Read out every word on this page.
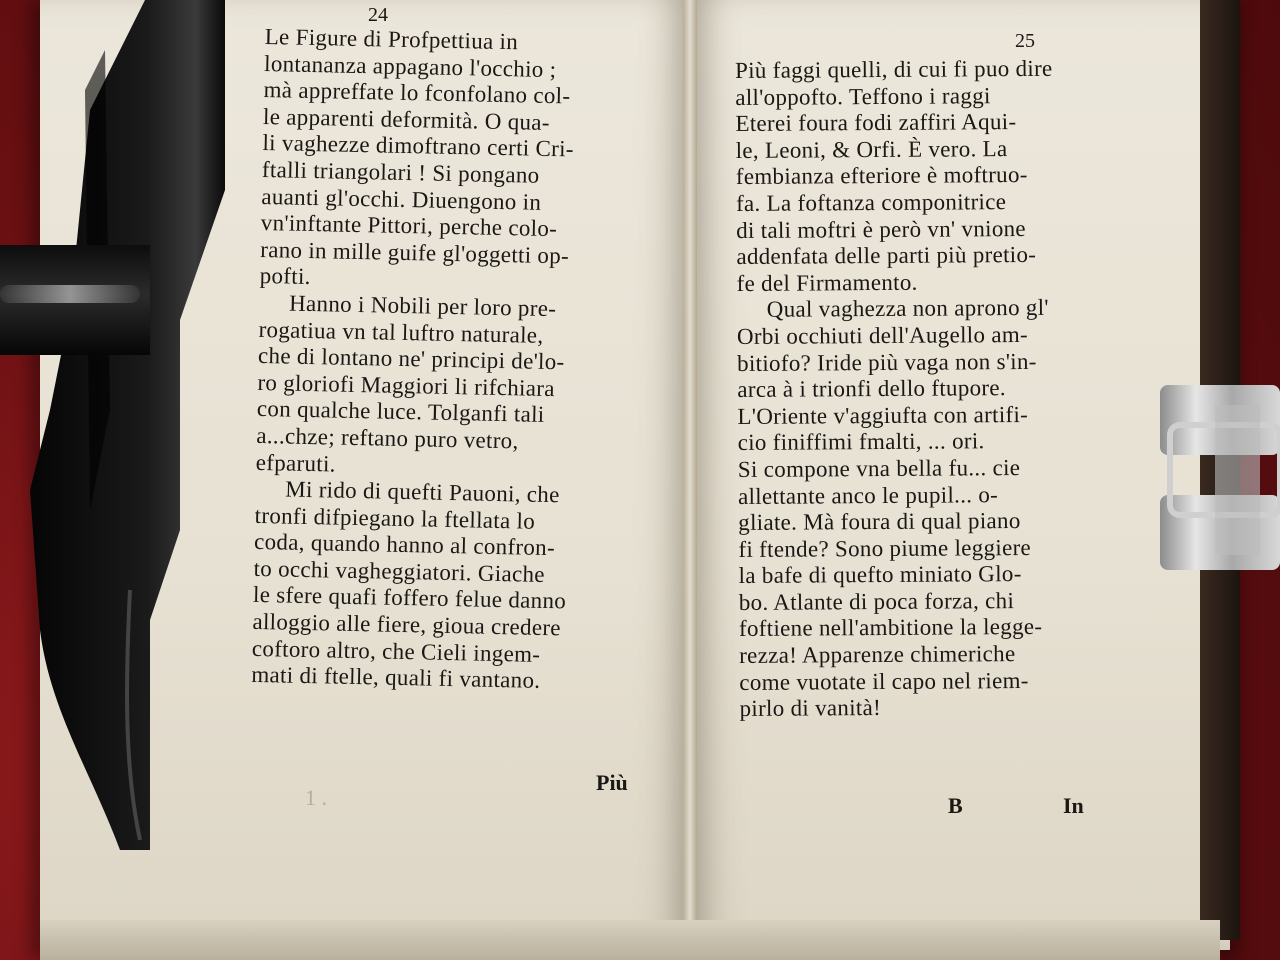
24
Le Figure di Profpettiua in
lontananza appagano l'occhio ;
mà appreffate lo fconfolano col-
le apparenti deformità. O qua-
li vaghezze dimoftrano certi Cri-
ftalli triangolari ! Si pongano
auanti gl'occhi. Diuengono in
vn'inftante Pittori, perche colo-
rano in mille guife gl'oggetti op-
pofti.
Hanno i Nobili per loro pre-
rogatiua vn tal luftro naturale,
che di lontano ne' principi de'lo-
ro gloriofi Maggiori li rifchiara
con qualche luce. Tolganfi tali
a...chze; reftano puro vetro,
efparuti.
Mi rido di quefti Pauoni, che
tronfi difpiegano la ftellata lo
coda, quando hanno al confron-
to occhi vagheggiatori. Giache
le sfere quafi foffero felue danno
alloggio alle fiere, gioua credere
coftoro altro, che Cieli ingem-
mati di ftelle, quali fi vantano.
Più
1 .
25
Più faggi quelli, di cui fi puo dire
all'oppofto. Teffono i raggi
Eterei foura fodi zaffiri Aqui-
le, Leoni, & Orfi. È vero. La
fembianza efteriore è moftruo-
fa. La foftanza componitrice
di tali moftri è però vn' vnione
addenfata delle parti più pretio-
fe del Firmamento.
Qual vaghezza non aprono gl'
Orbi occhiuti dell'Augello am-
bitiofo? Iride più vaga non s'in-
arca à i trionfi dello ftupore.
L'Oriente v'aggiufta con artifi-
cio finiffimi fmalti, ... ori.
Si compone vna bella fu... cie
allettante anco le pupil... o-
gliate. Mà foura di qual piano
fi ftende? Sono piume leggiere
la bafe di quefto miniato Glo-
bo. Atlante di poca forza, chi
foftiene nell'ambitione la legge-
rezza! Apparenze chimeriche
come vuotate il capo nel riem-
pirlo di vanità!
B	In
